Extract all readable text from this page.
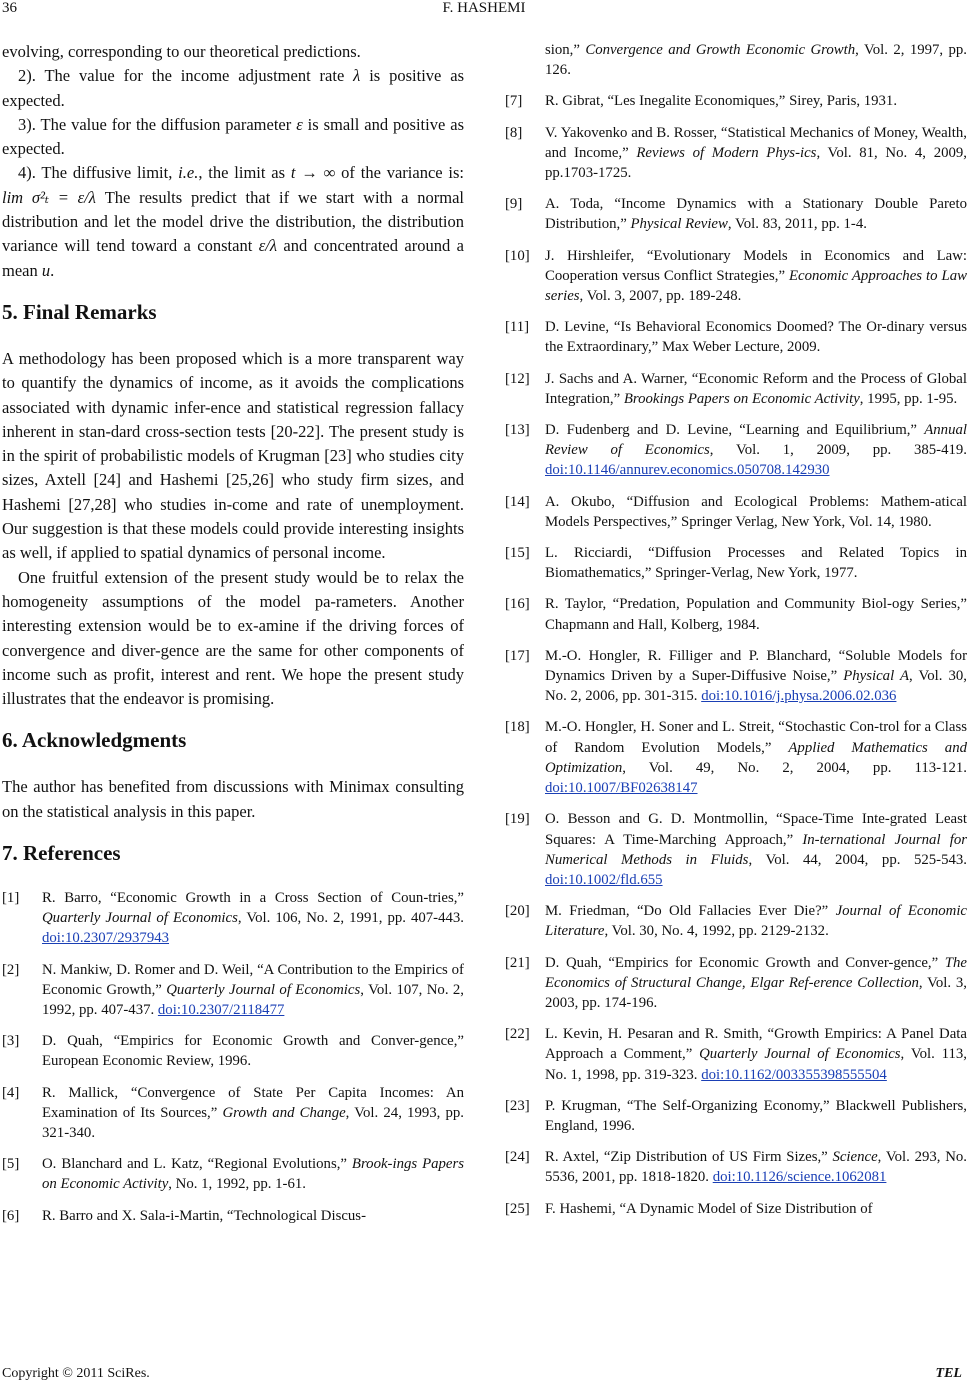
36	F. HASHEMI

evolving, corresponding to our theoretical predictions.

2). The value for the income adjustment rate λ is positive as expected.

3). The value for the diffusion parameter ε is small and positive as expected.

4). The diffusive limit, i.e., the limit as t → ∞ of the variance is: lim σ²ₜ = ε/λ The results predict that if we start with a normal distribution and let the model drive the distribution, the distribution variance will tend toward a constant ε/λ and concentrated around a mean u.

5. Final Remarks

A methodology has been proposed which is a more transparent way to quantify the dynamics of income, as it avoids the complications associated with dynamic infer-ence and statistical regression fallacy inherent in stan-dard cross-section tests [20-22]. The present study is in the spirit of probabilistic models of Krugman [23] who studies city sizes, Axtell [24] and Hashemi [25,26] who study firm sizes, and Hashemi [27,28] who studies in-come and rate of unemployment. Our suggestion is that these models could provide interesting insights as well, if applied to spatial dynamics of personal income.

One fruitful extension of the present study would be to relax the homogeneity assumptions of the model pa-rameters. Another interesting extension would be to ex-amine if the driving forces of convergence and diver-gence are the same for other components of income such as profit, interest and rent. We hope the present study illustrates that the endeavor is promising.

6. Acknowledgments

The author has benefited from discussions with Minimax consulting on the statistical analysis in this paper.

7. References

[1] R. Barro, “Economic Growth in a Cross Section of Coun-tries,” Quarterly Journal of Economics, Vol. 106, No. 2, 1991, pp. 407-443. doi:10.2307/2937943

[2] N. Mankiw, D. Romer and D. Weil, “A Contribution to the Empirics of Economic Growth,” Quarterly Journal of Economics, Vol. 107, No. 2, 1992, pp. 407-437. doi:10.2307/2118477

[3] D. Quah, “Empirics for Economic Growth and Conver-gence,” European Economic Review, 1996.

[4] R. Mallick, “Convergence of State Per Capita Incomes: An Examination of Its Sources,” Growth and Change, Vol. 24, 1993, pp. 321-340.

[5] O. Blanchard and L. Katz, “Regional Evolutions,” Brook-ings Papers on Economic Activity, No. 1, 1992, pp. 1-61.

[6] R. Barro and X. Sala-i-Martin, “Technological Discus-

sion,” Convergence and Growth Economic Growth, Vol. 2, 1997, pp. 126.

[7] R. Gibrat, “Les Inegalite Economiques,” Sirey, Paris, 1931.

[8] V. Yakovenko and B. Rosser, “Statistical Mechanics of Money, Wealth, and Income,” Reviews of Modern Phys-ics, Vol. 81, No. 4, 2009, pp.1703-1725.

[9] A. Toda, “Income Dynamics with a Stationary Double Pareto Distribution,” Physical Review, Vol. 83, 2011, pp. 1-4.

[10] J. Hirshleifer, “Evolutionary Models in Economics and Law: Cooperation versus Conflict Strategies,” Economic Approaches to Law series, Vol. 3, 2007, pp. 189-248.

[11] D. Levine, “Is Behavioral Economics Doomed? The Or-dinary versus the Extraordinary,” Max Weber Lecture, 2009.

[12] J. Sachs and A. Warner, “Economic Reform and the Process of Global Integration,” Brookings Papers on Economic Activity, 1995, pp. 1-95.

[13] D. Fudenberg and D. Levine, “Learning and Equilibrium,” Annual Review of Economics, Vol. 1, 2009, pp. 385-419. doi:10.1146/annurev.economics.050708.142930

[14] A. Okubo, “Diffusion and Ecological Problems: Mathem-atical Models Perspectives,” Springer Verlag, New York, Vol. 14, 1980.

[15] L. Ricciardi, “Diffusion Processes and Related Topics in Biomathematics,” Springer-Verlag, New York, 1977.

[16] R. Taylor, “Predation, Population and Community Biol-ogy Series,” Chapmann and Hall, Kolberg, 1984.

[17] M.-O. Hongler, R. Filliger and P. Blanchard, “Soluble Models for Dynamics Driven by a Super-Diffusive Noise,” Physical A, Vol. 30, No. 2, 2006, pp. 301-315. doi:10.1016/j.physa.2006.02.036

[18] M.-O. Hongler, H. Soner and L. Streit, “Stochastic Con-trol for a Class of Random Evolution Models,” Applied Mathematics and Optimization, Vol. 49, No. 2, 2004, pp. 113-121. doi:10.1007/BF02638147

[19] O. Besson and G. D. Montmollin, “Space-Time Inte-grated Least Squares: A Time-Marching Approach,” In-ternational Journal for Numerical Methods in Fluids, Vol. 44, 2004, pp. 525-543. doi:10.1002/fld.655

[20] M. Friedman, “Do Old Fallacies Ever Die?” Journal of Economic Literature, Vol. 30, No. 4, 1992, pp. 2129-2132.

[21] D. Quah, “Empirics for Economic Growth and Conver-gence,” The Economics of Structural Change, Elgar Ref-erence Collection, Vol. 3, 2003, pp. 174-196.

[22] L. Kevin, H. Pesaran and R. Smith, “Growth Empirics: A Panel Data Approach a Comment,” Quarterly Journal of Economics, Vol. 113, No. 1, 1998, pp. 319-323. doi:10.1162/003355398555504

[23] P. Krugman, “The Self-Organizing Economy,” Blackwell Publishers, England, 1996.

[24] R. Axtel, “Zip Distribution of US Firm Sizes,” Science, Vol. 293, No. 5536, 2001, pp. 1818-1820. doi:10.1126/science.1062081

[25] F. Hashemi, “A Dynamic Model of Size Distribution of

Copyright © 2011 SciRes.	TEL
